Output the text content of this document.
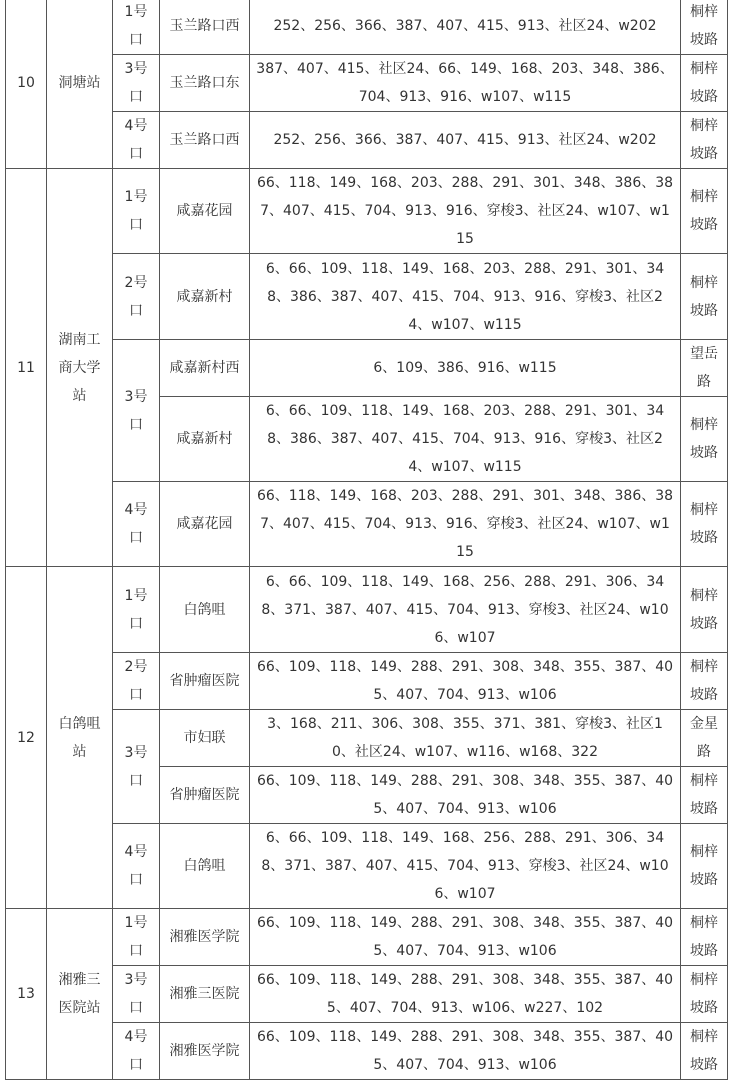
10	洞塘站	1号口	玉兰路口西	252、256、366、387、407、415、913、社区24、w202	桐梓坡路
		3号口	玉兰路口东	387、407、415、社区24、66、149、168、203、348、386、704、913、916、w107、w115	桐梓坡路
		4号口	玉兰路口西	252、256、366、387、407、415、913、社区24、w202	桐梓坡路
11	湖南工商大学站	1号口	咸嘉花园	66、118、149、168、203、288、291、301、348、386、387、407、415、704、913、916、穿梭3、社区24、w107、w115	桐梓坡路
		2号口	咸嘉新村	6、66、109、118、149、168、203、288、291、301、348、386、387、407、415、704、913、916、穿梭3、社区24、w107、w115	桐梓坡路
		3号口	咸嘉新村西	6、109、386、916、w115	望岳路
			咸嘉新村	6、66、109、118、149、168、203、288、291、301、348、386、387、407、415、704、913、916、穿梭3、社区24、w107、w115	桐梓坡路
		4号口	咸嘉花园	66、118、149、168、203、288、291、301、348、386、387、407、415、704、913、916、穿梭3、社区24、w107、w115	桐梓坡路
12	白鸽咀站	1号口	白鸽咀	6、66、109、118、149、168、256、288、291、306、348、371、387、407、415、704、913、穿梭3、社区24、w106、w107	桐梓坡路
		2号口	省肿瘤医院	66、109、118、149、288、291、308、348、355、387、405、407、704、913、w106	桐梓坡路
		3号口	市妇联	3、168、211、306、308、355、371、381、穿梭3、社区10、社区24、w107、w116、w168、322	金星路
			省肿瘤医院	66、109、118、149、288、291、308、348、355、387、405、407、704、913、w106	桐梓坡路
		4号口	白鸽咀	6、66、109、118、149、168、256、288、291、306、348、371、387、407、415、704、913、穿梭3、社区24、w106、w107	桐梓坡路
13	湘雅三医院站	1号口	湘雅医学院	66、109、118、149、288、291、308、348、355、387、405、407、704、913、w106	桐梓坡路
		3号口	湘雅三医院	66、109、118、149、288、291、308、348、355、387、405、407、704、913、w106、w227、102	桐梓坡路
		4号口	湘雅医学院	66、109、118、149、288、291、308、348、355、387、405、407、704、913、w106	桐梓坡路
